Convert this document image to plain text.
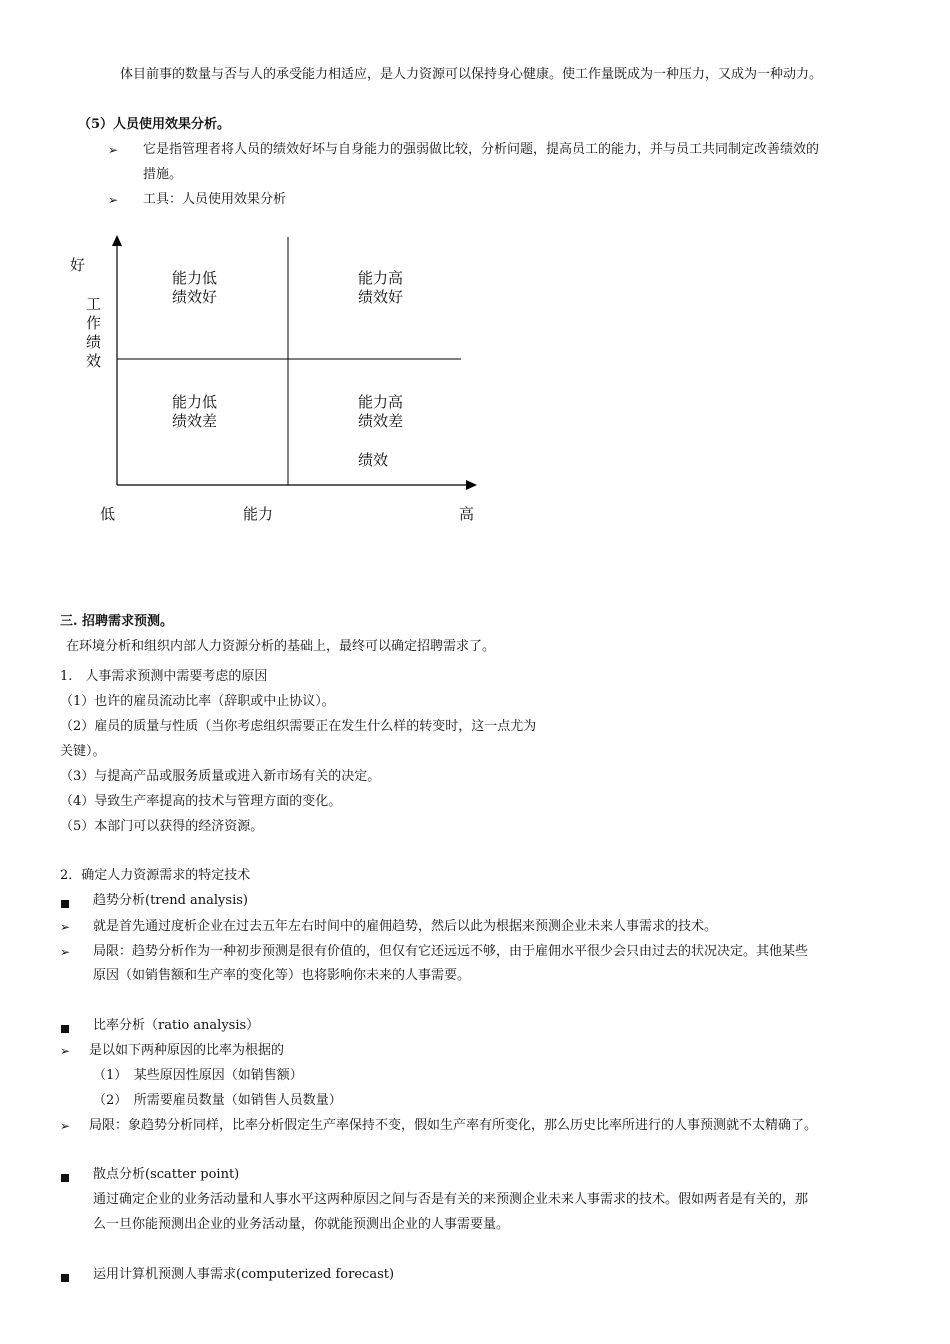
体目前事的数量与否与人的承受能力相适应，是人力资源可以保持身心健康。使工作量既成为一种压力，又成为一种动力。
（5）人员使用效果分析。
➢ 它是指管理者将人员的绩效好坏与自身能力的强弱做比较，分析问题，提高员工的能力，并与员工共同制定改善绩效的
措施。
➢ 工具：人员使用效果分析
好
工
作
绩
效
能力低
绩效好
能力高
绩效好
能力低
绩效差
能力高
绩效差
绩效
低	能力	高
三. 招聘需求预测。
在环境分析和组织内部人力资源分析的基础上，最终可以确定招聘需求了。
1.　人事需求预测中需要考虑的原因
（1）也许的雇员流动比率（辞职或中止协议）。
（2）雇员的质量与性质（当你考虑组织需要正在发生什么样的转变时，这一点尤为
关键）。
（3）与提高产品或服务质量或进入新市场有关的决定。
（4）导致生产率提高的技术与管理方面的变化。
（5）本部门可以获得的经济资源。
2．确定人力资源需求的特定技术
趋势分析(trend analysis)
➢ 就是首先通过度析企业在过去五年左右时间中的雇佣趋势，然后以此为根据来预测企业未来人事需求的技术。
➢ 局限：趋势分析作为一种初步预测是很有价值的，但仅有它还远远不够，由于雇佣水平很少会只由过去的状况决定。其他某些
原因（如销售额和生产率的变化等）也将影响你未来的人事需要。
比率分析（ratio analysis）
➢ 是以如下两种原因的比率为根据的
（1）　某些原因性原因（如销售额）
（2）　所需要雇员数量（如销售人员数量）
➢ 局限：象趋势分析同样，比率分析假定生产率保持不变，假如生产率有所变化，那么历史比率所进行的人事预测就不太精确了。
散点分析(scatter point)
通过确定企业的业务活动量和人事水平这两种原因之间与否是有关的来预测企业未来人事需求的技术。假如两者是有关的，那
么一旦你能预测出企业的业务活动量，你就能预测出企业的人事需要量。
运用计算机预测人事需求(computerized forecast)
